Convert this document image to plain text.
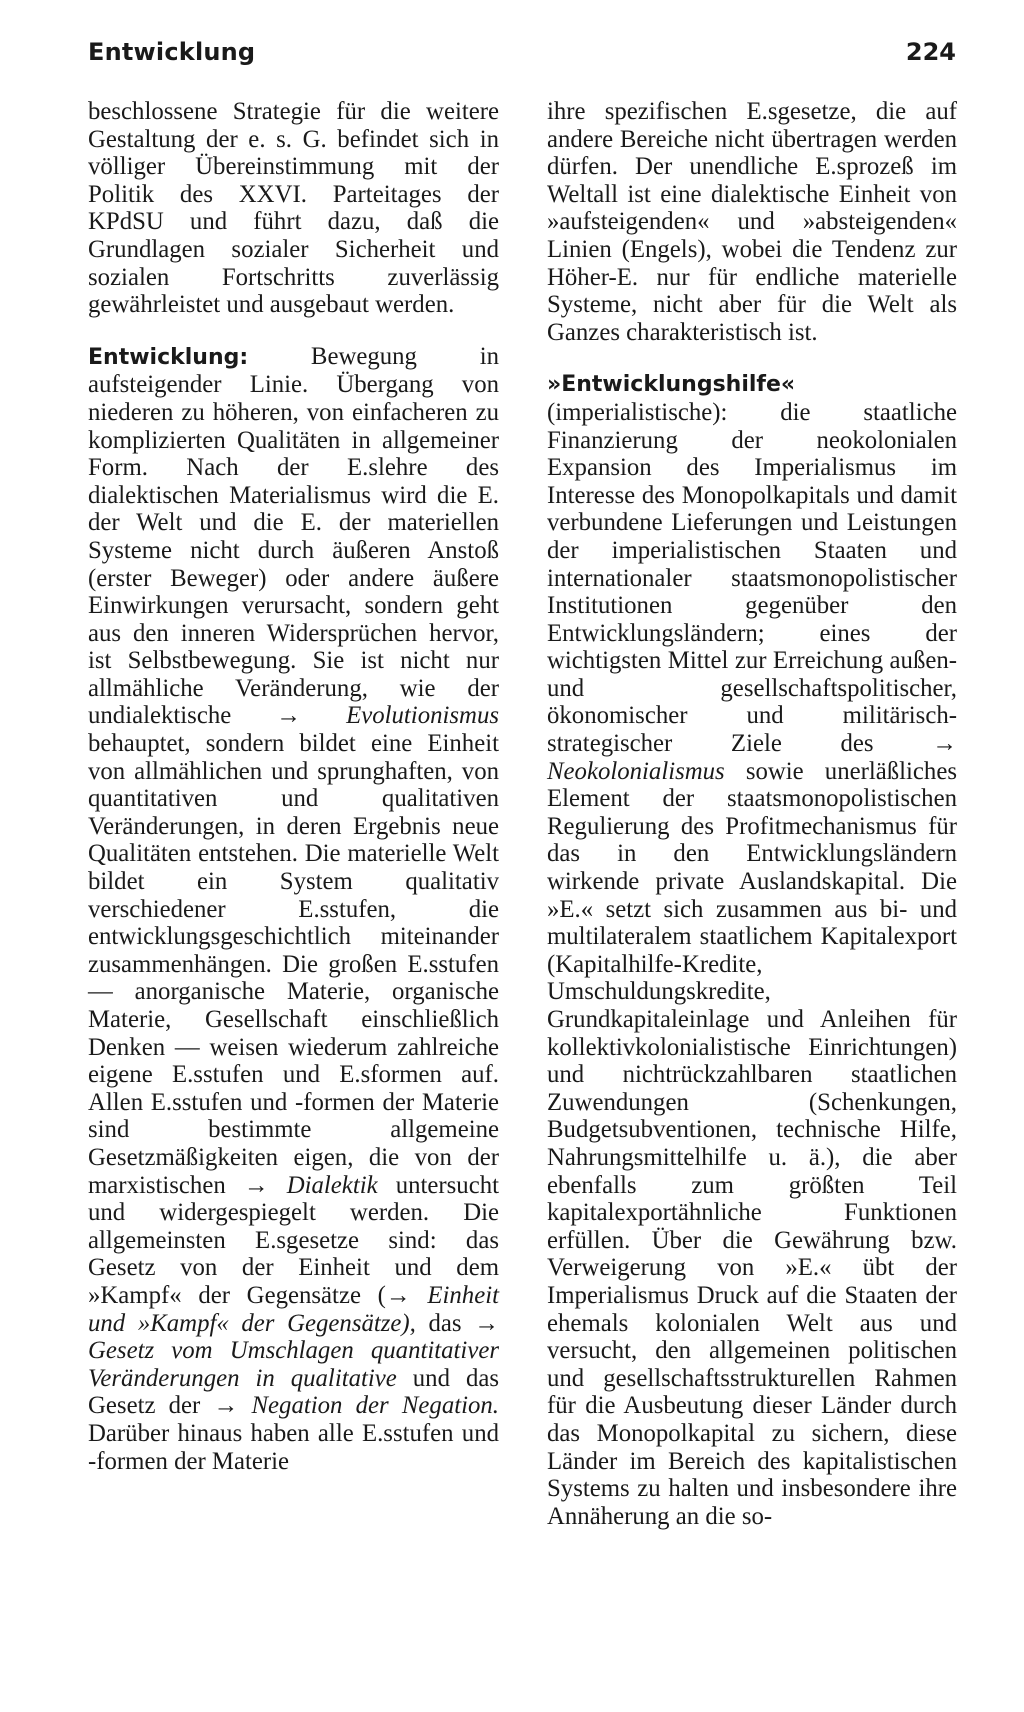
Entwicklung	224

beschlossene Strategie für die weitere Gestaltung der e. s. G. befindet sich in völliger Übereinstimmung mit der Politik des XXVI. Parteitages der KPdSU und führt dazu, daß die Grundlagen sozialer Sicherheit und sozialen Fortschritts zuverlässig gewährleistet und ausgebaut werden.

Entwicklung: Bewegung in aufsteigender Linie. Übergang von niederen zu höheren, von einfacheren zu komplizierten Qualitäten in allgemeiner Form. Nach der E.slehre des dialektischen Materialismus wird die E. der Welt und die E. der materiellen Systeme nicht durch äußeren Anstoß (erster Beweger) oder andere äußere Einwirkungen verursacht, sondern geht aus den inneren Widersprüchen hervor, ist Selbstbewegung. Sie ist nicht nur allmähliche Veränderung, wie der undialektische → Evolutionismus behauptet, sondern bildet eine Einheit von allmählichen und sprunghaften, von quantitativen und qualitativen Veränderungen, in deren Ergebnis neue Qualitäten entstehen. Die materielle Welt bildet ein System qualitativ verschiedener E.sstufen, die entwicklungsgeschichtlich miteinander zusammenhängen. Die großen E.sstufen — anorganische Materie, organische Materie, Gesellschaft einschließlich Denken — weisen wiederum zahlreiche eigene E.sstufen und E.sformen auf. Allen E.sstufen und -formen der Materie sind bestimmte allgemeine Gesetzmäßigkeiten eigen, die von der marxistischen → Dialektik untersucht und widergespiegelt werden. Die allgemeinsten E.sgesetze sind: das Gesetz von der Einheit und dem »Kampf« der Gegensätze (→ Einheit und »Kampf« der Gegensätze), das → Gesetz vom Umschlagen quantitativer Veränderungen in qualitative und das Gesetz der → Negation der Negation. Darüber hinaus haben alle E.sstufen und -formen der Materie

ihre spezifischen E.sgesetze, die auf andere Bereiche nicht übertragen werden dürfen. Der unendliche E.sprozeß im Weltall ist eine dialektische Einheit von »aufsteigenden« und »absteigenden« Linien (Engels), wobei die Tendenz zur Höher-E. nur für endliche materielle Systeme, nicht aber für die Welt als Ganzes charakteristisch ist.

»Entwicklungshilfe« (imperialistische): die staatliche Finanzierung der neokolonialen Expansion des Imperialismus im Interesse des Monopolkapitals und damit verbundene Lieferungen und Leistungen der imperialistischen Staaten und internationaler staatsmonopolistischer Institutionen gegenüber den Entwicklungsländern; eines der wichtigsten Mittel zur Erreichung außen- und gesellschaftspolitischer, ökonomischer und militärisch-strategischer Ziele des → Neokolonialismus sowie unerläßliches Element der staatsmonopolistischen Regulierung des Profitmechanismus für das in den Entwicklungsländern wirkende private Auslandskapital. Die »E.« setzt sich zusammen aus bi- und multilateralem staatlichem Kapitalexport (Kapitalhilfe-Kredite, Umschuldungskredite, Grundkapitaleinlage und Anleihen für kollektivkolonialistische Einrichtungen) und nichtrückzahlbaren staatlichen Zuwendungen (Schenkungen, Budgetsubventionen, technische Hilfe, Nahrungsmittelhilfe u. ä.), die aber ebenfalls zum größten Teil kapitalexportähnliche Funktionen erfüllen. Über die Gewährung bzw. Verweigerung von »E.« übt der Imperialismus Druck auf die Staaten der ehemals kolonialen Welt aus und versucht, den allgemeinen politischen und gesellschaftsstrukturellen Rahmen für die Ausbeutung dieser Länder durch das Monopolkapital zu sichern, diese Länder im Bereich des kapitalistischen Systems zu halten und insbesondere ihre Annäherung an die so-
